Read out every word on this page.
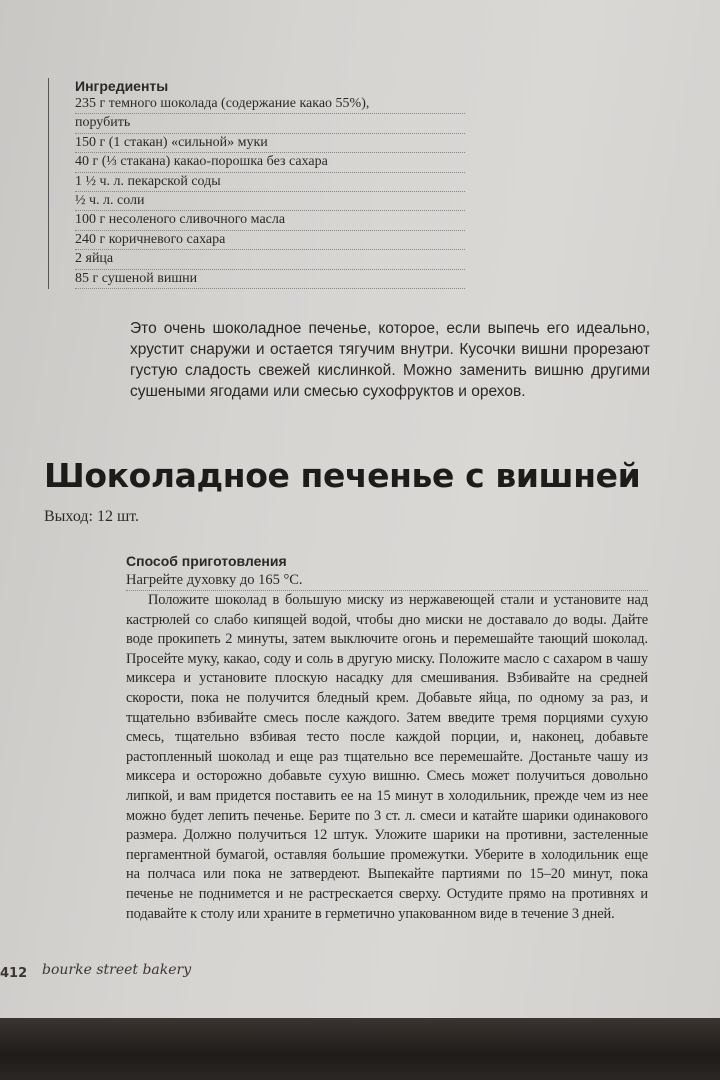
Ингредиенты
235 г темного шоколада (содержание какао 55%),
порубить
150 г (1 стакан) «сильной» муки
40 г (⅓ стакана) какао-порошка без сахара
1 ½ ч. л. пекарской соды
½ ч. л. соли
100 г несоленого сливочного масла
240 г коричневого сахара
2 яйца
85 г сушеной вишни
Это очень шоколадное печенье, которое, если выпечь его идеально, хрустит снаружи и остается тягучим внутри. Кусочки вишни прорезают густую сладость свежей кислинкой. Можно заменить вишню другими сушеными ягодами или смесью сухофруктов и орехов.
Шоколадное печенье с вишней
Выход: 12 шт.
Способ приготовления
Нагрейте духовку до 165 °С.

Положите шоколад в большую миску из нержавеющей стали и установите над кастрюлей со слабо кипящей водой, чтобы дно миски не доставало до воды. Дайте воде прокипеть 2 минуты, затем выключите огонь и перемешайте тающий шоколад. Просейте муку, какао, соду и соль в другую миску. Положите масло с сахаром в чашу миксера и установите плоскую насадку для смешивания. Взбивайте на средней скорости, пока не получится бледный крем. Добавьте яйца, по одному за раз, и тщательно взбивайте смесь после каждого. Затем введите тремя порциями сухую смесь, тщательно взбивая тесто после каждой порции, и, наконец, добавьте растопленный шоколад и еще раз тщательно все перемешайте. Достаньте чашу из миксера и осторожно добавьте сухую вишню. Смесь может получиться довольно липкой, и вам придется поставить ее на 15 минут в холодильник, прежде чем из нее можно будет лепить печенье. Берите по 3 ст. л. смеси и катайте шарики одинакового размера. Должно получиться 12 штук. Уложите шарики на противни, застеленные пергаментной бумагой, оставляя большие промежутки. Уберите в холодильник еще на полчаса или пока не затвердеют. Выпекайте партиями по 15–20 минут, пока печенье не поднимется и не растрескается сверху. Остудите прямо на противнях и подавайте к столу или храните в герметично упакованном виде в течение 3 дней.

412 bourke street bakery
